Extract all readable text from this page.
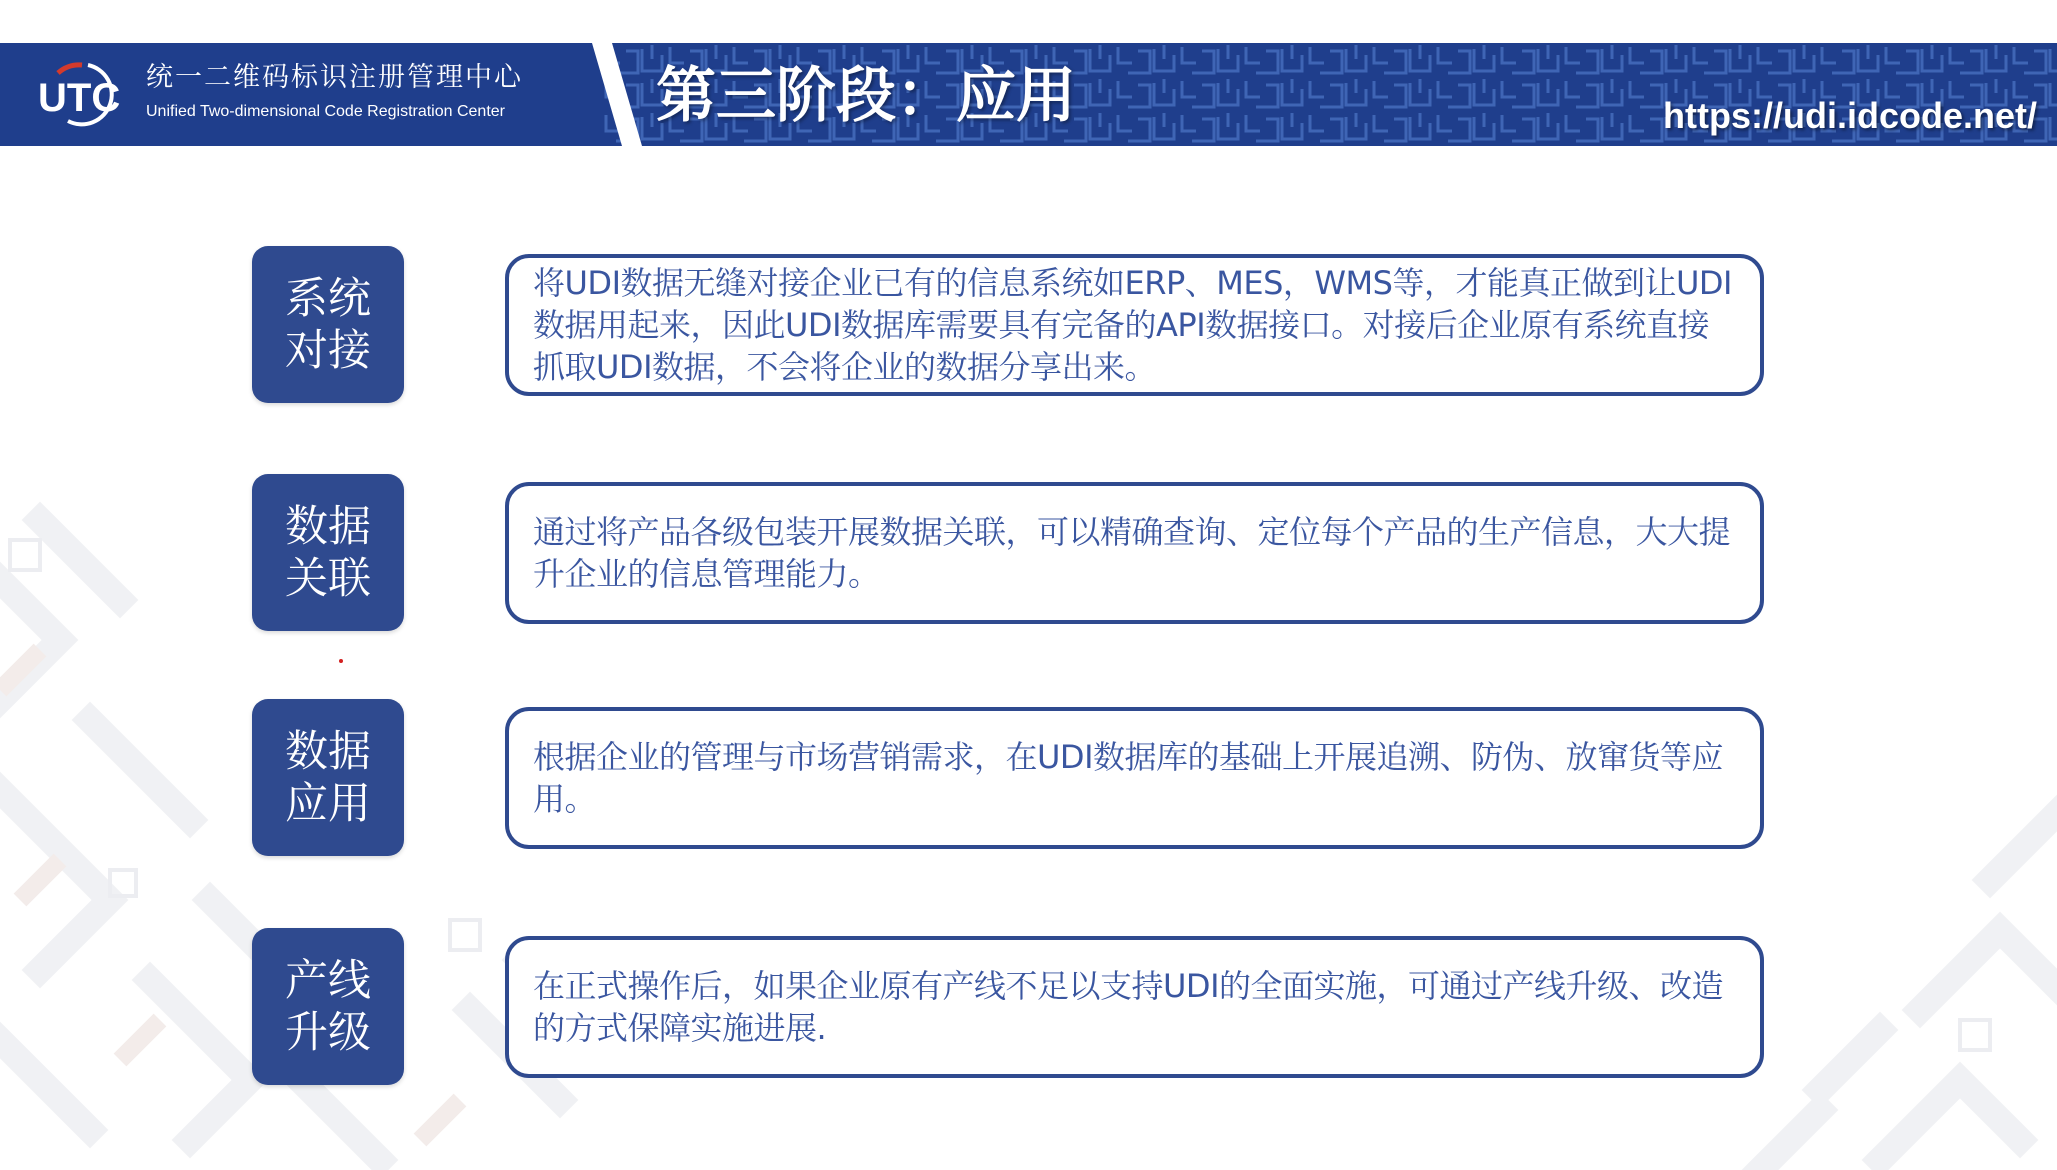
UTC 统一二维码标识注册管理中心
Unified Two-dimensional Code Registration Center	第三阶段：应用	https://udi.idcode.net/
系统
对接
将UDI数据无缝对接企业已有的信息系统如ERP、MES，WMS等，才能真正做到让UDI数据用起来，因此UDI数据库需要具有完备的API数据接口。对接后企业原有系统直接抓取UDI数据，不会将企业的数据分享出来。
数据
关联
通过将产品各级包装开展数据关联，可以精确查询、定位每个产品的生产信息，大大提升企业的信息管理能力。
数据
应用
根据企业的管理与市场营销需求，在UDI数据库的基础上开展追溯、防伪、放窜货等应用。
产线
升级
在正式操作后，如果企业原有产线不足以支持UDI的全面实施，可通过产线升级、改造的方式保障实施进展.
